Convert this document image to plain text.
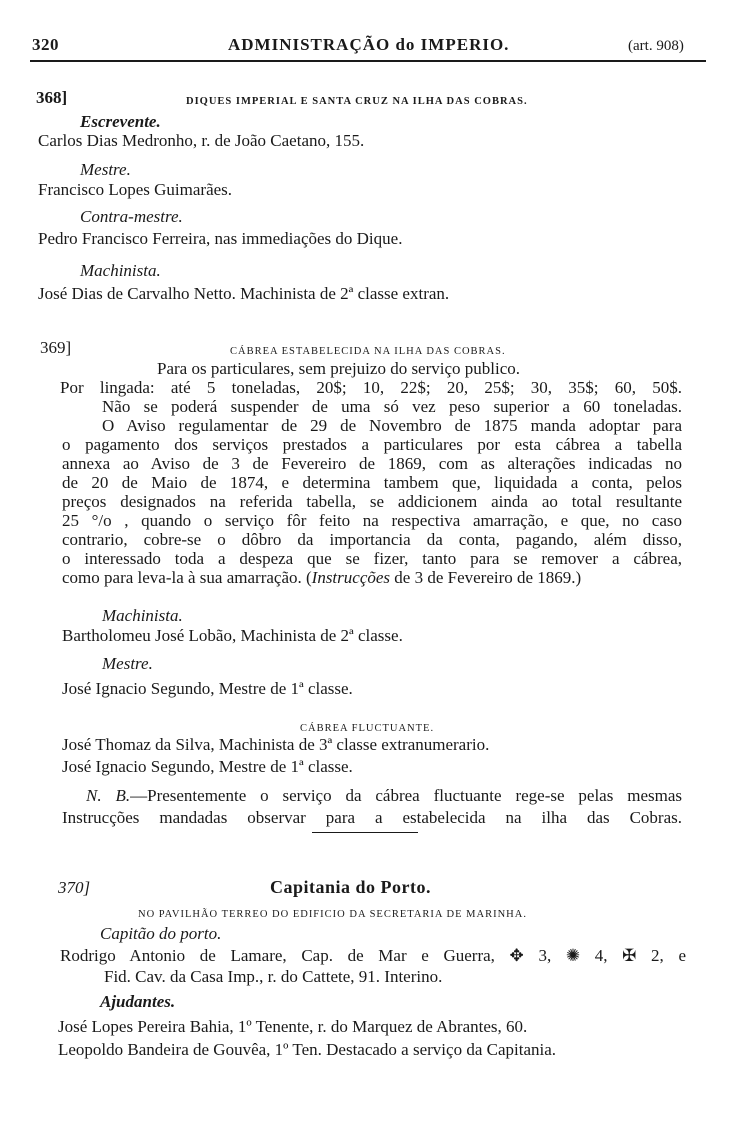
320	ADMINISTRAÇÃO do IMPERIO.	(art. 908)
368]	DIQUES IMPERIAL E SANTA CRUZ NA ILHA DAS COBRAS.
Escrevente.
Carlos Dias Medronho, r. de João Caetano, 155.
Mestre.
Francisco Lopes Guimarães.
Contra-mestre.
Pedro Francisco Ferreira, nas immediações do Dique.
Machinista.
José Dias de Carvalho Netto. Machinista de 2ª classe extran.
369]	CÁBREA ESTABELECIDA NA ILHA DAS COBRAS.
Para os particulares, sem prejuizo do serviço publico.
Por lingada: até 5 toneladas, 20$; 10, 22$; 20, 25$; 30, 35$; 60, 50$.
Não se poderá suspender de uma só vez peso superior a 60 toneladas.
O Aviso regulamentar de 29 de Novembro de 1875 manda adoptar para
o pagamento dos serviços prestados a particulares por esta cábrea a tabella
annexa ao Aviso de 3 de Fevereiro de 1869, com as alterações indicadas no
de 20 de Maio de 1874, e determina tambem que, liquidada a conta, pelos
preços designados na referida tabella, se addicionem ainda ao total resultante
25 °/o , quando o serviço fôr feito na respectiva amarração, e que, no caso
contrario, cobre-se o dôbro da importancia da conta, pagando, além disso,
o interessado toda a despeza que se fizer, tanto para se remover a cábrea,
como para leva-la à sua amarração. (Instrucções de 3 de Fevereiro de 1869.)
Machinista.
Bartholomeu José Lobão, Machinista de 2ª classe.
Mestre.
José Ignacio Segundo, Mestre de 1ª classe.
CÁBREA FLUCTUANTE.
José Thomaz da Silva, Machinista de 3ª classe extranumerario.
José Ignacio Segundo, Mestre de 1ª classe.
N. B.—Presentemente o serviço da cábrea fluctuante rege-se pelas mesmas
Instrucções mandadas observar para a estabelecida na ilha das Cobras.
370]	Capitania do Porto.
NO PAVILHÃO TERREO DO EDIFICIO DA SECRETARIA DE MARINHA.
Capitão do porto.
Rodrigo Antonio de Lamare, Cap. de Mar e Guerra, ✥ 3, ✺ 4, ✠ 2, e
Fid. Cav. da Casa Imp., r. do Cattete, 91. Interino.
Ajudantes.
José Lopes Pereira Bahia, 1º Tenente, r. do Marquez de Abrantes, 60.
Leopoldo Bandeira de Gouvêa, 1º Ten. Destacado a serviço da Capitania.
